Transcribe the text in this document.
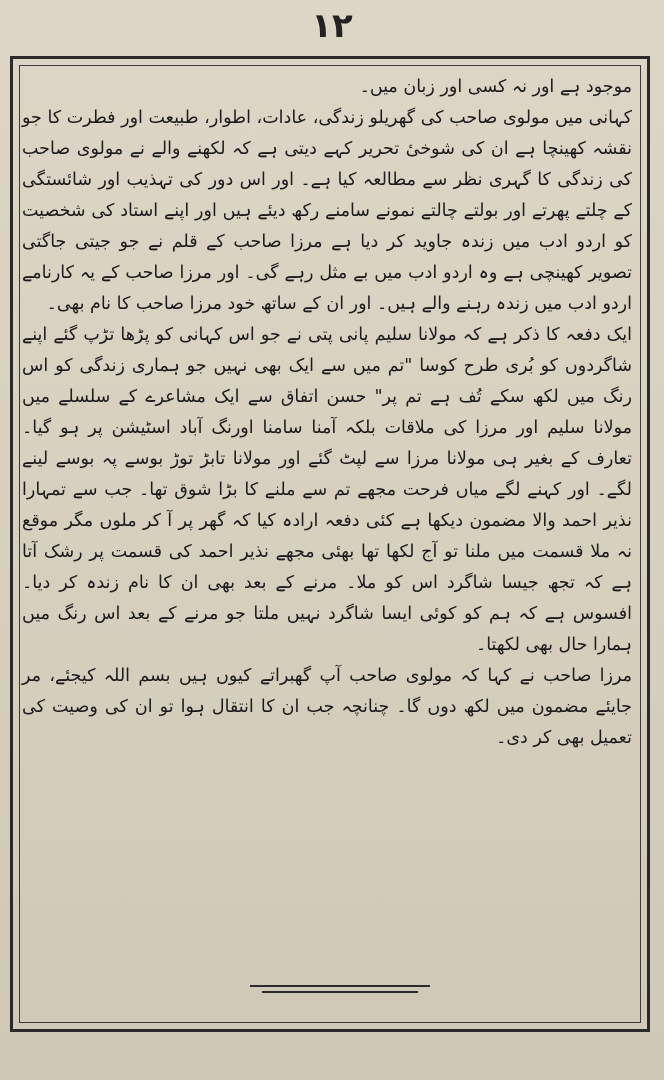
١٢

موجود ہے اور نہ کسی اور زبان میں۔

کہانی میں مولوی صاحب کی گھریلو زندگی، عادات، اطوار، طبیعت اور فطرت کا جو نقشہ کھینچا ہے ان کی شوخیٔ تحریر کہے دیتی ہے کہ لکھنے والے نے مولوی صاحب کی زندگی کا گہری نظر سے مطالعہ کیا ہے۔ اور اس دور کی تہذیب اور شائستگی کے چلتے پھرتے اور بولتے چالتے نمونے سامنے رکھ دیئے ہیں اور اپنے استاد کی شخصیت کو اردو ادب میں زندہ جاوید کر دیا ہے مرزا صاحب کے قلم نے جو جیتی جاگتی تصویر کھینچی ہے وہ اردو ادب میں بے مثل رہے گی۔ اور مرزا صاحب کے یہ کارنامے اردو ادب میں زندہ رہنے والے ہیں۔ اور ان کے ساتھ خود مرزا صاحب کا نام بھی۔

ایک دفعہ کا ذکر ہے کہ مولانا سلیم پانی پتی نے جو اس کہانی کو پڑھا تڑپ گئے اپنے شاگردوں کو بُری طرح کوسا "تم میں سے ایک بھی نہیں جو ہماری زندگی کو اس رنگ میں لکھ سکے تُف ہے تم پر" حسن اتفاق سے ایک مشاعرے کے سلسلے میں مولانا سلیم اور مرزا کی ملاقات بلکہ آمنا سامنا اورنگ آباد اسٹیشن پر ہو گیا۔ تعارف کے بغیر ہی مولانا مرزا سے لپٹ گئے اور مولانا تابڑ توڑ بوسے پہ بوسے لینے لگے۔ اور کہنے لگے میاں فرحت مجھے تم سے ملنے کا بڑا شوق تھا۔ جب سے تمہارا نذیر احمد والا مضمون دیکھا ہے کئی دفعہ ارادہ کیا کہ گھر پر آ کر ملوں مگر موقع نہ ملا قسمت میں ملنا تو آج لکھا تھا بھئی مجھے نذیر احمد کی قسمت پر رشک آتا ہے کہ تجھ جیسا شاگرد اس کو ملا۔ مرنے کے بعد بھی ان کا نام زندہ کر دیا۔ افسوس ہے کہ ہم کو کوئی ایسا شاگرد نہیں ملتا جو مرنے کے بعد اس رنگ میں ہمارا حال بھی لکھتا۔

مرزا صاحب نے کہا کہ مولوی صاحب آپ گھبراتے کیوں ہیں بسم اللہ کیجئے، مر جایئے مضمون میں لکھ دوں گا۔ چنانچہ جب ان کا انتقال ہوا تو ان کی وصیت کی تعمیل بھی کر دی۔
